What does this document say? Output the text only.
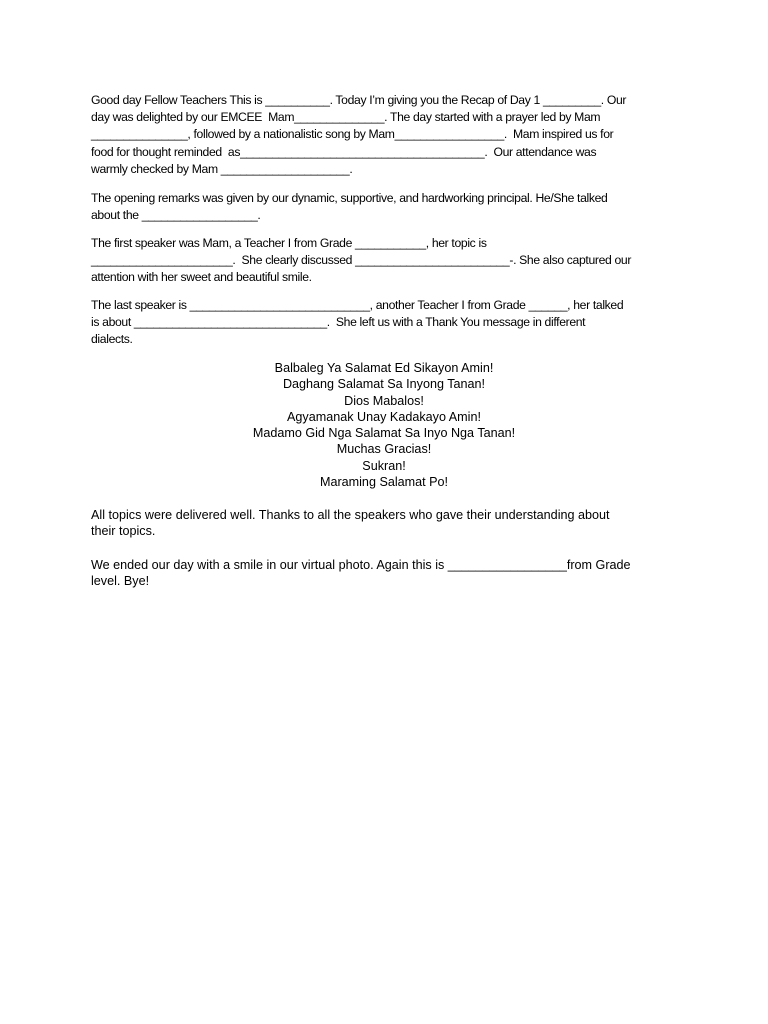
Good day Fellow Teachers This is __________. Today I’m giving you the Recap of Day 1 _________. Our
day was delighted by our EMCEE  Mam______________. The day started with a prayer led by Mam
_______________, followed by a nationalistic song by Mam_________________.  Mam inspired us for
food for thought reminded  as______________________________________.  Our attendance was
warmly checked by Mam ____________________.

The opening remarks was given by our dynamic, supportive, and hardworking principal. He/She talked
about the __________________.

The first speaker was Mam, a Teacher I from Grade ___________, her topic is
______________________.  She clearly discussed ________________________-. She also captured our
attention with her sweet and beautiful smile.

The last speaker is ____________________________, another Teacher I from Grade ______, her talked
is about ______________________________.  She left us with a Thank You message in different
dialects.

Balbaleg Ya Salamat Ed Sikayon Amin!
Daghang Salamat Sa Inyong Tanan!
Dios Mabalos!
Agyamanak Unay Kadakayo Amin!
Madamo Gid Nga Salamat Sa Inyo Nga Tanan!
Muchas Gracias!
Sukran!
Maraming Salamat Po!

All topics were delivered well. Thanks to all the speakers who gave their understanding about
their topics.

We ended our day with a smile in our virtual photo. Again this is _________________from Grade
level. Bye!
